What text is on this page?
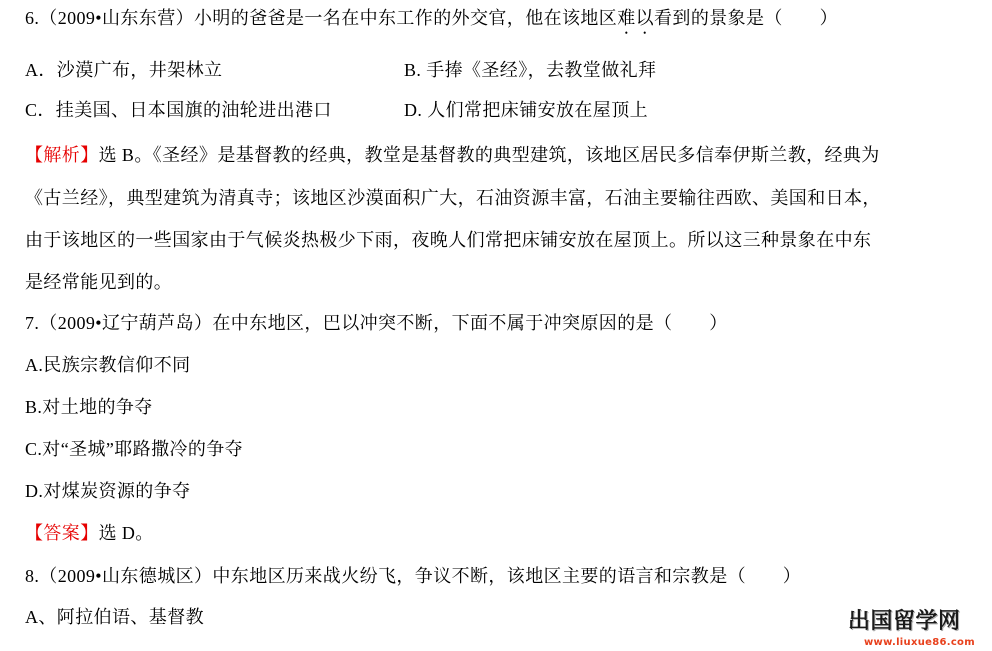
6.（2009•山东东营）小明的爸爸是一名在中东工作的外交官，他在该地区难以看到的景象是（　　）
A．沙漠广布，井架林立	B. 手捧《圣经》，去教堂做礼拜
C．挂美国、日本国旗的油轮进出港口	D. 人们常把床铺安放在屋顶上
【解析】选 B。《圣经》是基督教的经典，教堂是基督教的典型建筑，该地区居民多信奉伊斯兰教，经典为
《古兰经》，典型建筑为清真寺；该地区沙漠面积广大，石油资源丰富，石油主要输往西欧、美国和日本，
由于该地区的一些国家由于气候炎热极少下雨，夜晚人们常把床铺安放在屋顶上。所以这三种景象在中东
是经常能见到的。
7.（2009•辽宁葫芦岛）在中东地区，巴以冲突不断，下面不属于冲突原因的是（　　）
A.民族宗教信仰不同
B.对土地的争夺
C.对“圣城”耶路撒冷的争夺
D.对煤炭资源的争夺
【答案】选 D。
8.（2009•山东德城区）中东地区历来战火纷飞，争议不断，该地区主要的语言和宗教是（　　）
A、阿拉伯语、基督教	出国留学网
www.liuxue86.com
